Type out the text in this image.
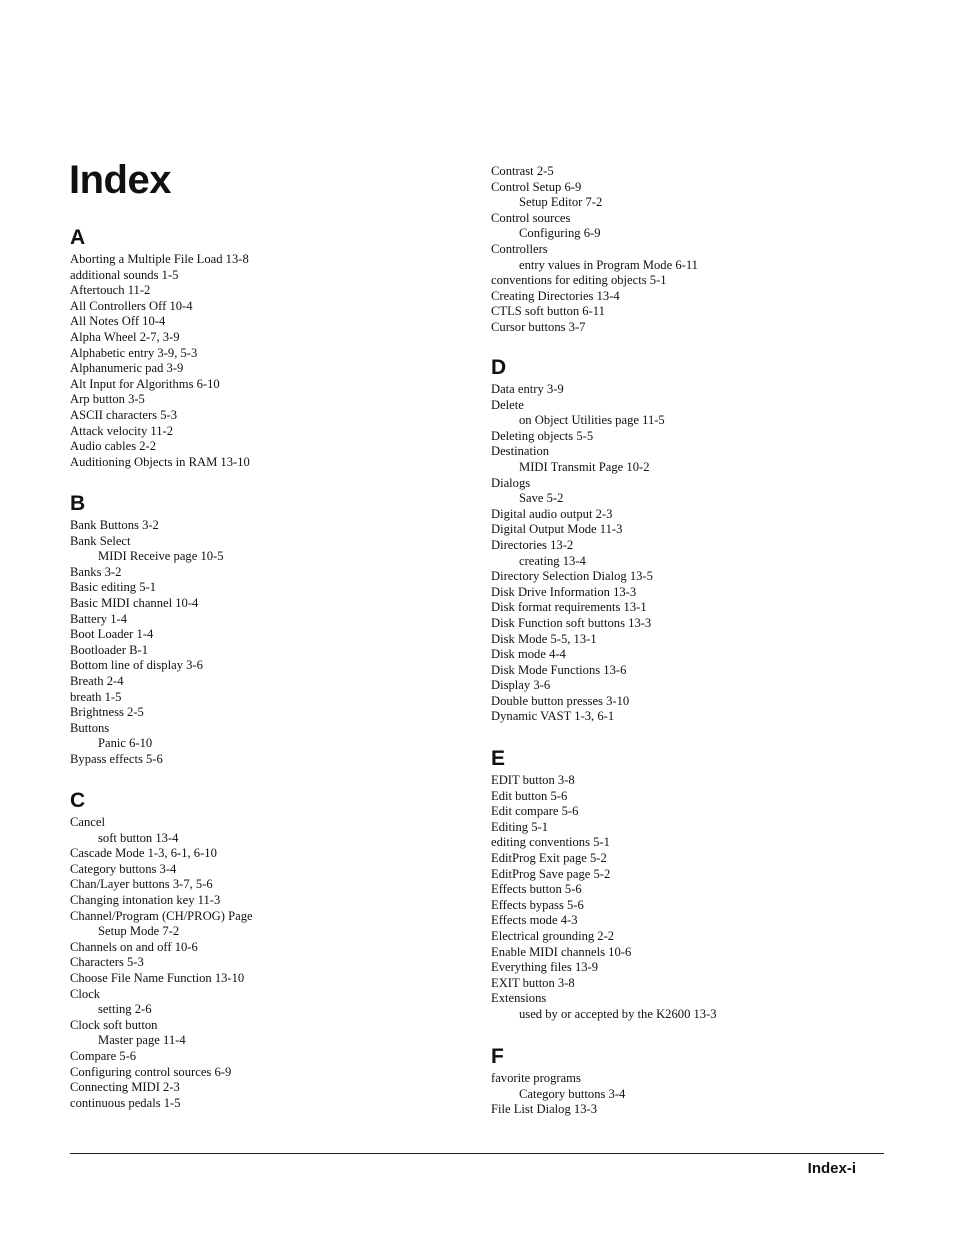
Index
A
Aborting a Multiple File Load 13-8
additional sounds 1-5
Aftertouch 11-2
All Controllers Off 10-4
All Notes Off 10-4
Alpha Wheel 2-7, 3-9
Alphabetic entry 3-9, 5-3
Alphanumeric pad 3-9
Alt Input for Algorithms 6-10
Arp button 3-5
ASCII characters 5-3
Attack velocity 11-2
Audio cables 2-2
Auditioning Objects in RAM 13-10
B
Bank Buttons 3-2
Bank Select
MIDI Receive page 10-5
Banks 3-2
Basic editing 5-1
Basic MIDI channel 10-4
Battery 1-4
Boot Loader 1-4
Bootloader B-1
Bottom line of display 3-6
Breath 2-4
breath 1-5
Brightness 2-5
Buttons
Panic 6-10
Bypass effects 5-6
C
Cancel
soft button 13-4
Cascade Mode 1-3, 6-1, 6-10
Category buttons 3-4
Chan/Layer buttons 3-7, 5-6
Changing intonation key 11-3
Channel/Program (CH/PROG) Page
Setup Mode 7-2
Channels on and off 10-6
Characters 5-3
Choose File Name Function 13-10
Clock
setting 2-6
Clock soft button
Master page 11-4
Compare 5-6
Configuring control sources 6-9
Connecting MIDI 2-3
continuous pedals 1-5
Contrast 2-5
Control Setup 6-9
Setup Editor 7-2
Control sources
Configuring 6-9
Controllers
entry values in Program Mode 6-11
conventions for editing objects 5-1
Creating Directories 13-4
CTLS soft button 6-11
Cursor buttons 3-7
D
Data entry 3-9
Delete
on Object Utilities page 11-5
Deleting objects 5-5
Destination
MIDI Transmit Page 10-2
Dialogs
Save 5-2
Digital audio output 2-3
Digital Output Mode 11-3
Directories 13-2
creating 13-4
Directory Selection Dialog 13-5
Disk Drive Information 13-3
Disk format requirements 13-1
Disk Function soft buttons 13-3
Disk Mode 5-5, 13-1
Disk mode 4-4
Disk Mode Functions 13-6
Display 3-6
Double button presses 3-10
Dynamic VAST 1-3, 6-1
E
EDIT button 3-8
Edit button 5-6
Edit compare 5-6
Editing 5-1
editing conventions 5-1
EditProg Exit page 5-2
EditProg Save page 5-2
Effects button 5-6
Effects bypass 5-6
Effects mode 4-3
Electrical grounding 2-2
Enable MIDI channels 10-6
Everything files 13-9
EXIT button 3-8
Extensions
used by or accepted by the K2600 13-3
F
favorite programs
Category buttons 3-4
File List Dialog 13-3
Index-i
